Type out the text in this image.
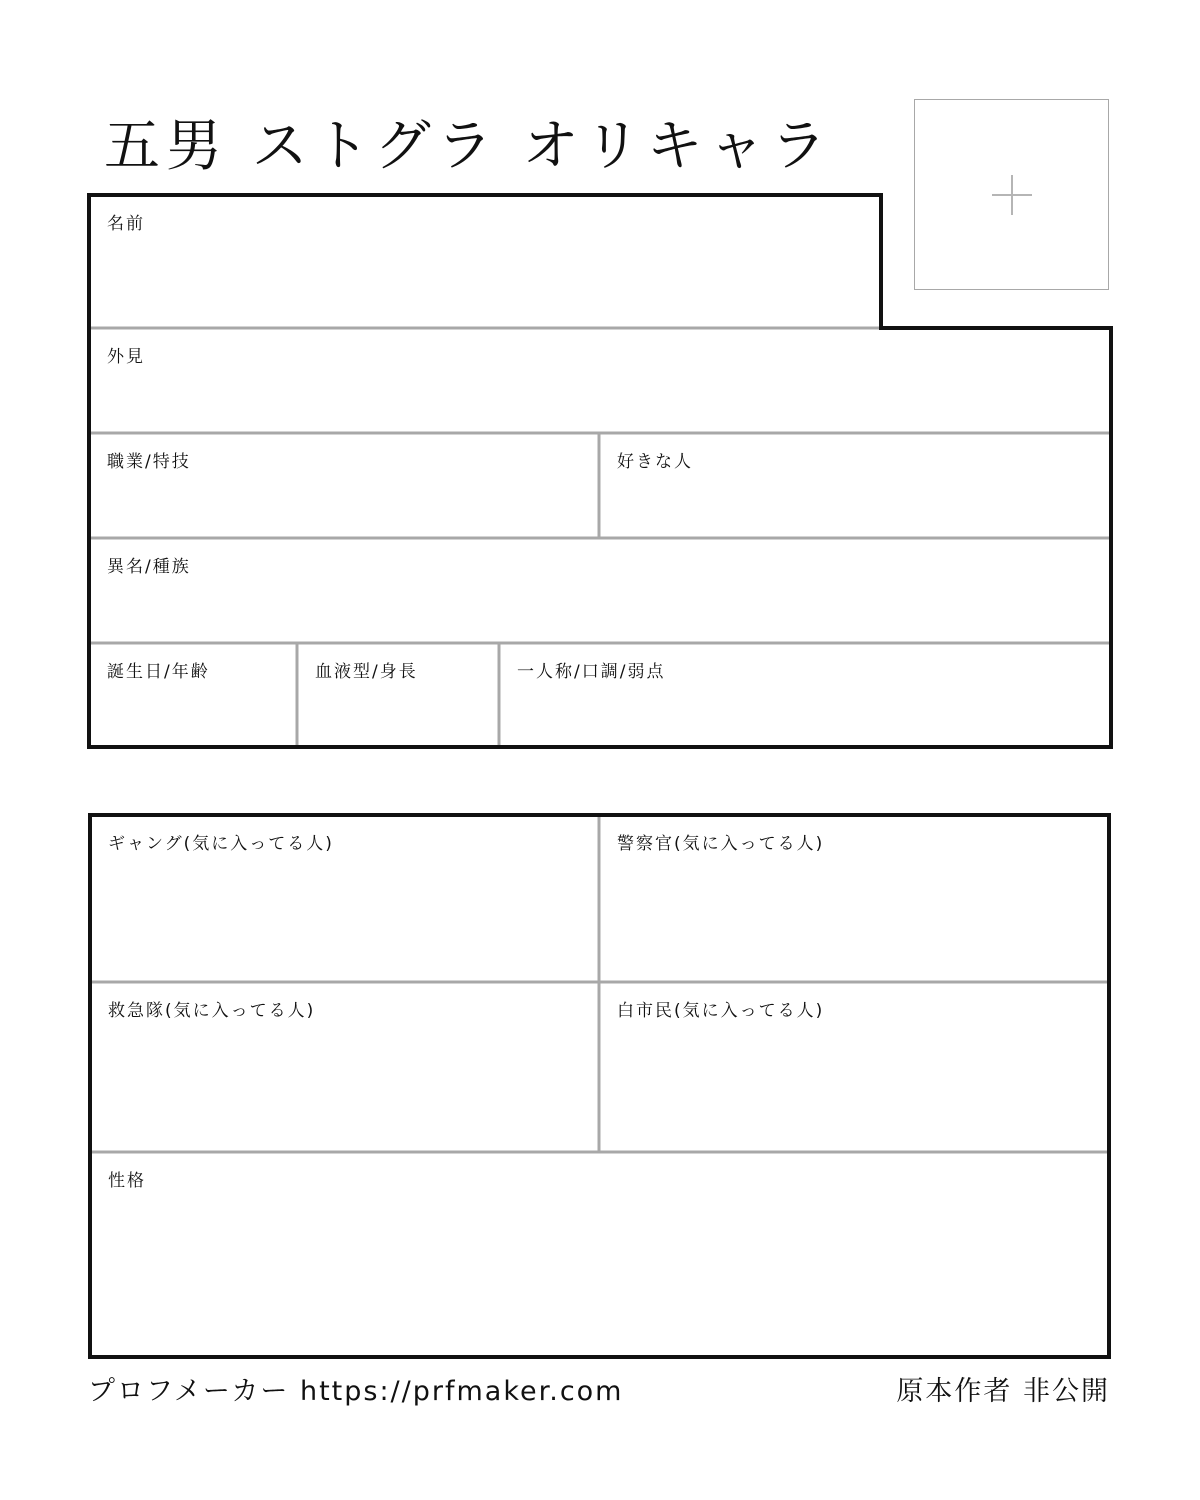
五男 ストグラ オリキャラ
名前
外見
職業/特技	好きな人
異名/種族
誕生日/年齢	血液型/身長	一人称/口調/弱点
ギャング(気に入ってる人)	警察官(気に入ってる人)
救急隊(気に入ってる人)	白市民(気に入ってる人)
性格
プロフメーカー https://prfmaker.com	原本作者 非公開
